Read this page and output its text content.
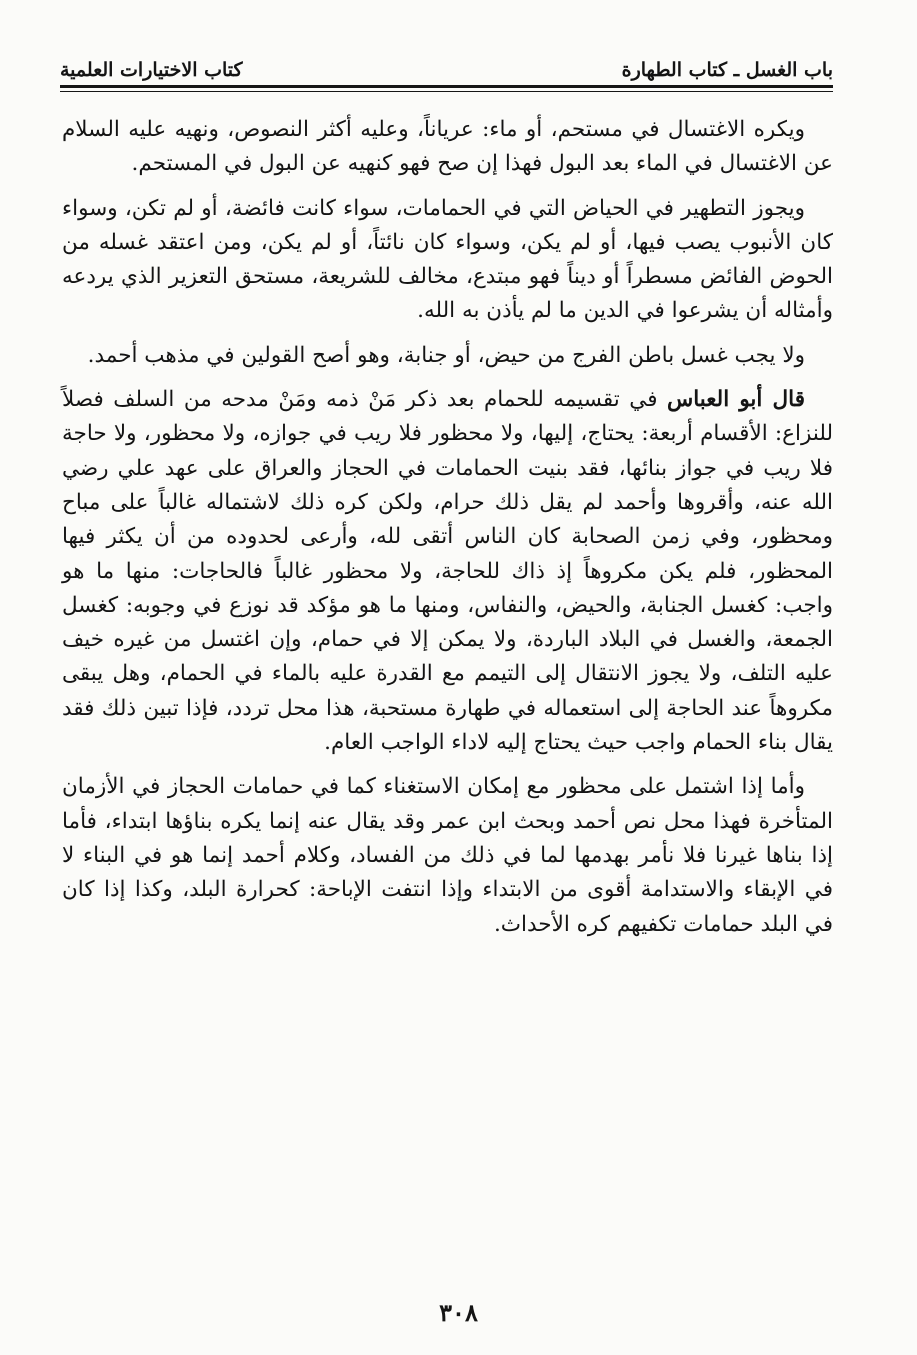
باب الغسل ـ كتاب الطهارة
كتاب الاختيارات العلمية

ويكره الاغتسال في مستحم، أو ماء: عرياناً، وعليه أكثر النصوص، ونهيه عليه السلام عن الاغتسال في الماء بعد البول فهذا إن صح فهو كنهيه عن البول في المستحم.

ويجوز التطهير في الحياض التي في الحمامات، سواء كانت فائضة، أو لم تكن، وسواء كان الأنبوب يصب فيها، أو لم يكن، وسواء كان نائتاً، أو لم يكن، ومن اعتقد غسله من الحوض الفائض مسطراً أو ديناً فهو مبتدع، مخالف للشريعة، مستحق التعزير الذي يردعه وأمثاله أن يشرعوا في الدين ما لم يأذن به الله.

ولا يجب غسل باطن الفرج من حيض، أو جنابة، وهو أصح القولين في مذهب أحمد.

قال أبو العباس في تقسيمه للحمام بعد ذكر مَنْ ذمه ومَنْ مدحه من السلف فصلاً للنزاع: الأقسام أربعة: يحتاج، إليها، ولا محظور فلا ريب في جوازه، ولا محظور، ولا حاجة فلا ريب في جواز بنائها، فقد بنيت الحمامات في الحجاز والعراق على عهد علي رضي الله عنه، وأقروها وأحمد لم يقل ذلك حرام، ولكن كره ذلك لاشتماله غالباً على مباح ومحظور، وفي زمن الصحابة كان الناس أتقى لله، وأرعى لحدوده من أن يكثر فيها المحظور، فلم يكن مكروهاً إذ ذاك للحاجة، ولا محظور غالباً فالحاجات: منها ما هو واجب: كغسل الجنابة، والحيض، والنفاس، ومنها ما هو مؤكد قد نوزع في وجوبه: كغسل الجمعة، والغسل في البلاد الباردة، ولا يمكن إلا في حمام، وإن اغتسل من غيره خيف عليه التلف، ولا يجوز الانتقال إلى التيمم مع القدرة عليه بالماء في الحمام، وهل يبقى مكروهاً عند الحاجة إلى استعماله في طهارة مستحبة، هذا محل تردد، فإذا تبين ذلك فقد يقال بناء الحمام واجب حيث يحتاج إليه لاداء الواجب العام.

وأما إذا اشتمل على محظور مع إمكان الاستغناء كما في حمامات الحجاز في الأزمان المتأخرة فهذا محل نص أحمد وبحث ابن عمر وقد يقال عنه إنما يكره بناؤها ابتداء، فأما إذا بناها غيرنا فلا نأمر بهدمها لما في ذلك من الفساد، وكلام أحمد إنما هو في البناء لا في الإبقاء والاستدامة أقوى من الابتداء وإذا انتفت الإباحة: كحرارة البلد، وكذا إذا كان في البلد حمامات تكفيهم كره الأحداث.

٣٠٨
